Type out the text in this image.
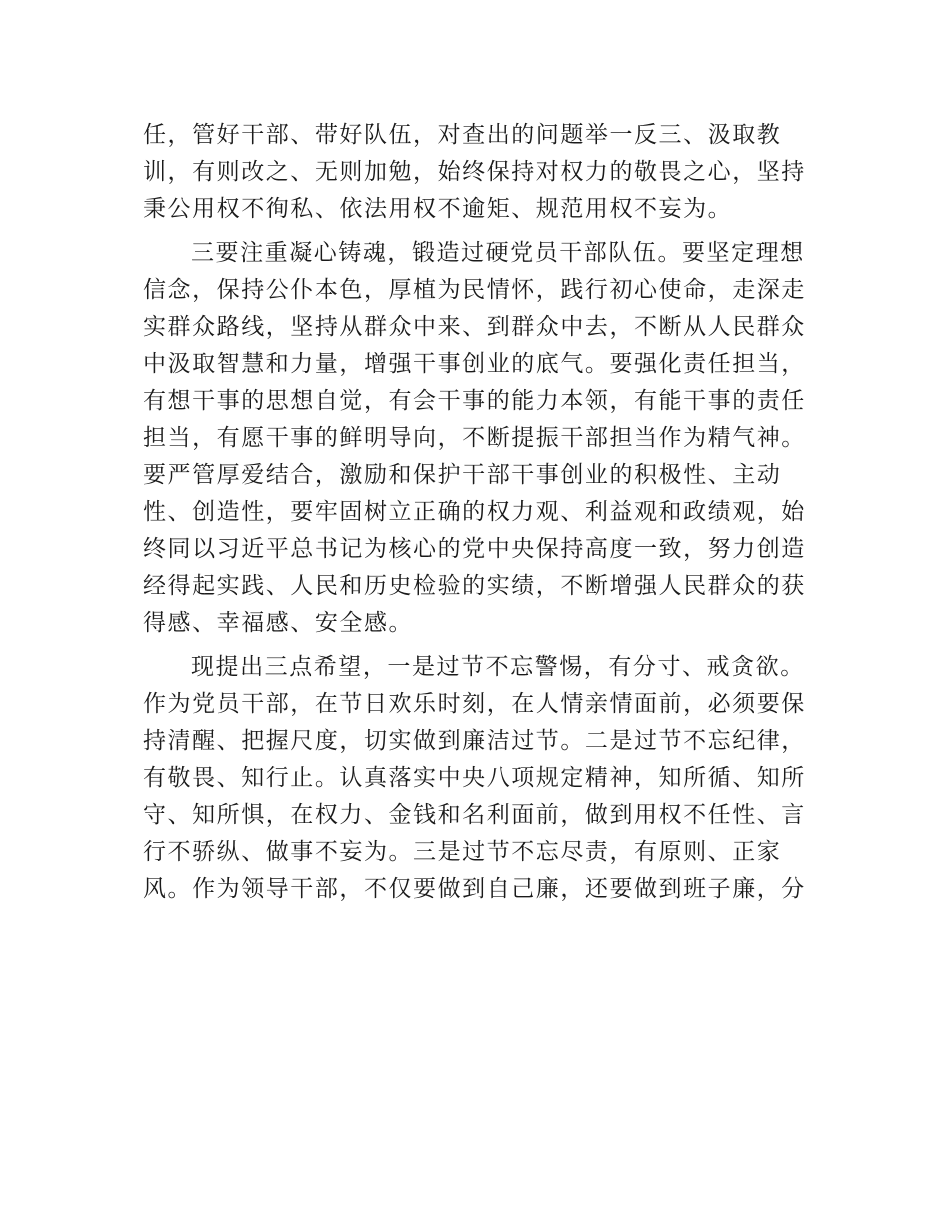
任，管好干部、带好队伍，对查出的问题举一反三、汲取教
训，有则改之、无则加勉，始终保持对权力的敬畏之心，坚持
秉公用权不徇私、依法用权不逾矩、规范用权不妄为。

三要注重凝心铸魂，锻造过硬党员干部队伍。要坚定理想
信念，保持公仆本色，厚植为民情怀，践行初心使命，走深走
实群众路线，坚持从群众中来、到群众中去，不断从人民群众
中汲取智慧和力量，增强干事创业的底气。要强化责任担当，
有想干事的思想自觉，有会干事的能力本领，有能干事的责任
担当，有愿干事的鲜明导向，不断提振干部担当作为精气神。
要严管厚爱结合，激励和保护干部干事创业的积极性、主动
性、创造性，要牢固树立正确的权力观、利益观和政绩观，始
终同以习近平总书记为核心的党中央保持高度一致，努力创造
经得起实践、人民和历史检验的实绩，不断增强人民群众的获
得感、幸福感、安全感。

现提出三点希望，一是过节不忘警惕，有分寸、戒贪欲。
作为党员干部，在节日欢乐时刻，在人情亲情面前，必须要保
持清醒、把握尺度，切实做到廉洁过节。二是过节不忘纪律，
有敬畏、知行止。认真落实中央八项规定精神，知所循、知所
守、知所惧，在权力、金钱和名利面前，做到用权不任性、言
行不骄纵、做事不妄为。三是过节不忘尽责，有原则、正家
风。作为领导干部，不仅要做到自己廉，还要做到班子廉，分
